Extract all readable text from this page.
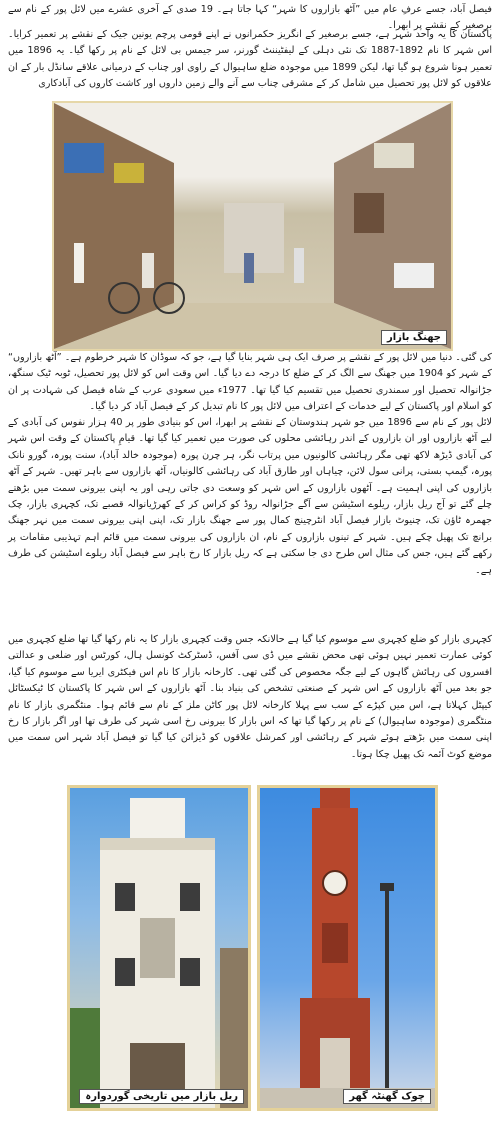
فیصل آباد، جسے عرفِ عام میں ”آٹھ بازاروں کا شہر“ کہا جاتا ہے۔ 19 صدی کے آخری عشرے میں لائل پور کے نام سے برصغیر کے نقشے پر ابھرا۔

پاکستان کا یہ واحد شہر ہے، جسے برصغیر کے انگریز حکمرانوں نے اپنے قومی پرچم یونین جیک کے نقشے پر تعمیر کرایا۔ اس شہر کا نام 1892-1887 تک نئی دہلی کے لیفٹیننٹ گورنر، سر جیمس بی لائل کے نام پر رکھا گیا۔ یہ 1896 میں تعمیر ہونا شروع ہو گیا تھا، لیکن 1899 میں موجودہ ضلع ساہیوال کے راوی اور چناب کے درمیانی علاقے سانڈل بار کے ان علاقوں کو لائل پور تحصیل میں شامل کر کے مشرقی چناب سے آنے والے زمین داروں اور کاشت کاروں کی آبادکاری

جھنگ بازار

کی گئی۔ دنیا میں لائل پور کے نقشے پر صرف ایک ہی شہر بنایا گیا ہے، جو کہ سوڈان کا شہر خرطوم ہے۔ ”آٹھ بازاروں“ کے شہر کو 1904 میں جھنگ سے الگ کر کے ضلع کا درجہ دے دیا گیا۔ اس وقت اس کو لائل پور تحصیل، ٹوبہ ٹیک سنگھ، جڑانوالہ تحصیل اور سمندری تحصیل میں تقسیم کیا گیا تھا۔ 1977ء میں سعودی عرب کے شاہ فیصل کی شہادت پر ان کو اسلام اور پاکستان کے لیے خدمات کے اعتراف میں لائل پور کا نام تبدیل کر کے فیصل آباد کر دیا گیا۔

لائل پور کے نام سے 1896 میں جو شہر ہندوستان کے نقشے پر ابھرا، اس کو بنیادی طور پر 40 ہزار نفوس کی آبادی کے لیے آٹھ بازاروں اور ان بازاروں کے اندر رہائشی محلوں کی صورت میں تعمیر کیا گیا تھا۔ قیامِ پاکستان کے وقت اس شہر کی آبادی ڈیڑھ لاکھ تھی مگر رہائشی کالونیوں میں پرتاب نگر، ہر چرن پورہ (موجودہ خالد آباد)، سنت پورہ، گورو نانک پورہ، گیمپ بستی، پرانی سول لائن، چیاہاں اور طارق آباد کی رہائشی کالونیاں، آٹھ بازاروں سے باہر تھیں۔ شہر کے آٹھ بازاروں کی اپنی اہمیت ہے۔ آٹھوں بازاروں کے اس شہر کو وسعت دی جاتی رہی اور یہ اپنی بیرونی سمت میں بڑھتے چلے گئے تو آج ریل بازار، ریلوے اسٹیشن سے آگے جڑانوالہ روڈ کو کراس کر کے کھرڑیانوالہ قصبے تک، کچہری بازار، چک جھمرہ ٹاؤن تک، چنیوٹ بازار فیصل آباد انٹرچینج کمال پور سے جھنگ بازار تک، اپنی اپنی بیرونی سمت میں نہر جھنگ برانچ تک پھیل چکے ہیں۔ شہر کے تینوں بازاروں کے نام، ان بازاروں کی بیرونی سمت میں قائم اہم تہذیبی مقامات پر رکھے گئے ہیں، جس کی مثال اس طرح دی جا سکتی ہے کہ ریل بازار کا رخ باہر سے فیصل آباد ریلوے اسٹیشن کی طرف ہے۔

کچہری بازار کو ضلع کچہری سے موسوم کیا گیا ہے حالانکہ جس وقت کچہری بازار کا یہ نام رکھا گیا تھا ضلع کچہری میں کوئی عمارت تعمیر نہیں ہوئی تھی محض نقشے میں ڈی سی آفس، ڈسٹرکٹ کونسل ہال، کورٹس اور ضلعی و عدالتی افسروں کی رہائش گاہوں کے لیے جگہ مخصوص کی گئی تھی۔ کارخانہ بازار کا نام اس فیکٹری ایریا سے موسوم کیا گیا، جو بعد میں آٹھ بازاروں کے اس شہر کے صنعتی تشخص کی بنیاد بنا۔ آٹھ بازاروں کے اس شہر کا پاکستان کا ٹیکسٹائل کیپٹل کہلاتا ہے، اس میں کپڑے کے سب سے پہلا کارخانہ لائل پور کاٹن ملز کے نام سے قائم ہوا۔ منٹگمری بازار کا نام منٹگمری (موجودہ ساہیوال) کے نام پر رکھا گیا تھا کہ اس بازار کا بیرونی رخ اسی شہر کی طرف تھا اور اگر بازار کا رخ اپنی سمت میں بڑھتے ہوئے شہر کے رہائشی اور کمرشل علاقوں کو ڈیزائن کیا گیا تو فیصل آباد شہر اس سمت میں موضع کوٹ آئمہ تک پھیل چکا ہوتا۔

ریل بازار میں تاریخی گوردوارہ	چوک گھنٹہ گھر
